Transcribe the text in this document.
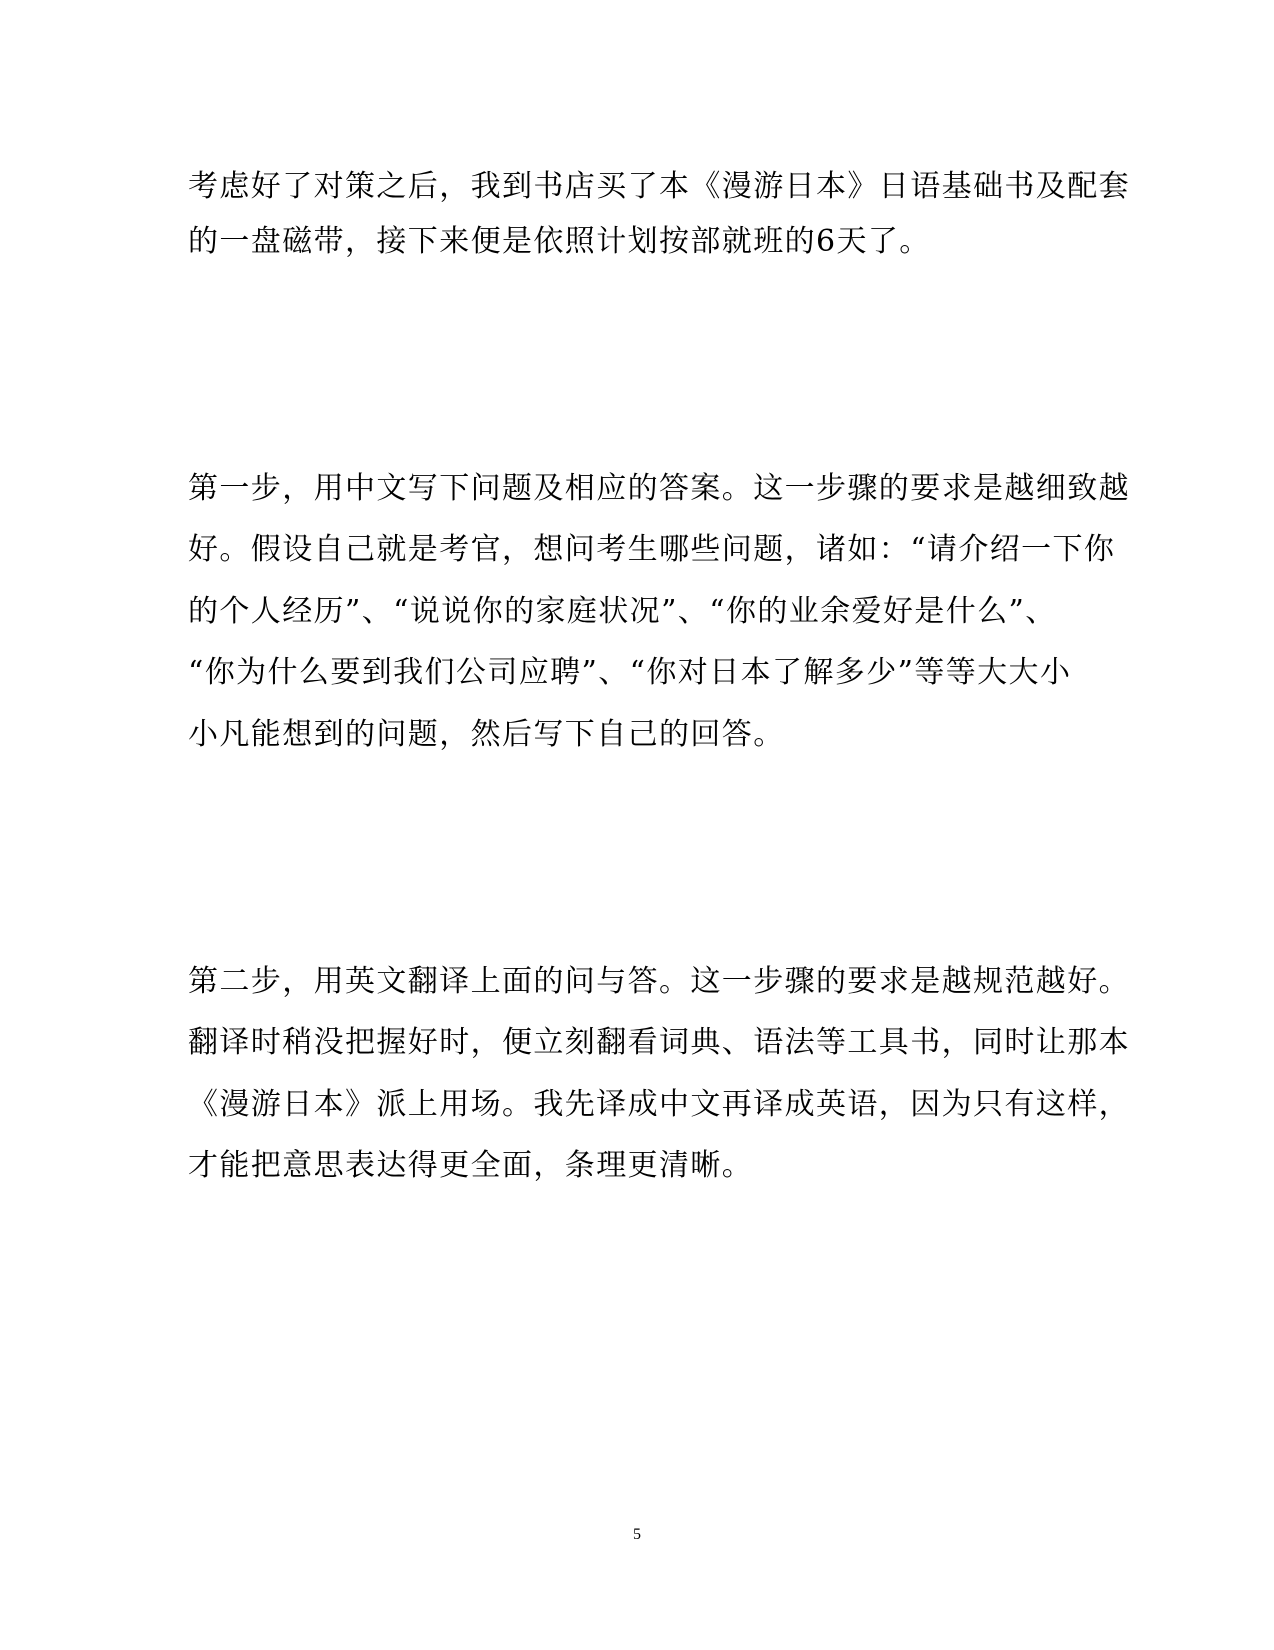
考虑好了对策之后，我到书店买了本《漫游日本》日语基础书及配套
的一盘磁带，接下来便是依照计划按部就班的6天了。
第一步，用中文写下问题及相应的答案。这一步骤的要求是越细致越
好。假设自己就是考官，想问考生哪些问题，诸如：“请介绍一下你
的个人经历”、“说说你的家庭状况”、“你的业余爱好是什么”、
“你为什么要到我们公司应聘”、“你对日本了解多少”等等大大小
小凡能想到的问题，然后写下自己的回答。
第二步，用英文翻译上面的问与答。这一步骤的要求是越规范越好。
翻译时稍没把握好时，便立刻翻看词典、语法等工具书，同时让那本
《漫游日本》派上用场。我先译成中文再译成英语，因为只有这样，
才能把意思表达得更全面，条理更清晰。
5
